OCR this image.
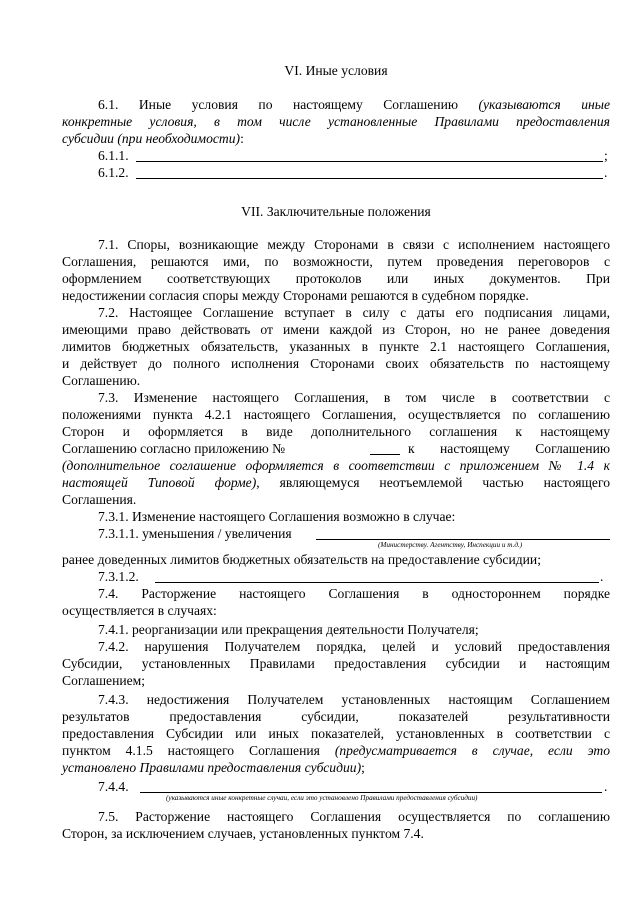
VI. Иные условия
6.1. Иные условия по настоящему Соглашению (указываются иные
конкретные условия, в том числе установленные Правилами предоставления
субсидии (при необходимости):
6.1.1.	;
6.1.2.	.
VII. Заключительные положения
7.1. Споры, возникающие между Сторонами в связи с исполнением настоящего
Соглашения, решаются ими, по возможности, путем проведения переговоров с
оформлением соответствующих протоколов или иных документов. При
недостижении согласия споры между Сторонами решаются в судебном порядке.
7.2. Настоящее Соглашение вступает в силу с даты его подписания лицами,
имеющими право действовать от имени каждой из Сторон, но не ранее доведения
лимитов бюджетных обязательств, указанных в пункте 2.1 настоящего Соглашения,
и действует до полного исполнения Сторонами своих обязательств по настоящему
Соглашению.
7.3. Изменение настоящего Соглашения, в том числе в соответствии с
положениями пункта 4.2.1 настоящего Соглашения, осуществляется по соглашению
Сторон и оформляется в виде дополнительного соглашения к настоящему
Соглашению согласно приложению №	к настоящему Соглашению
(дополнительное соглашение оформляется в соответствии с приложением № 1.4 к
настоящей Типовой форме), являющемуся неотъемлемой частью настоящего
Соглашения.
7.3.1. Изменение настоящего Соглашения возможно в случае:
7.3.1.1. уменьшения / увеличения
(Министерству. Агентству, Инспекции и т.д.)
ранее доведенных лимитов бюджетных обязательств на предоставление субсидии;
7.3.1.2.	.
7.4. Расторжение настоящего Соглашения в одностороннем порядке
осуществляется в случаях:
7.4.1. реорганизации или прекращения деятельности Получателя;
7.4.2. нарушения Получателем порядка, целей и условий предоставления
Субсидии, установленных Правилами предоставления субсидии и настоящим
Соглашением;
7.4.3. недостижения Получателем установленных настоящим Соглашением
результатов предоставления субсидии, показателей результативности
предоставления Субсидии или иных показателей, установленных в соответствии с
пунктом 4.1.5 настоящего Соглашения (предусматривается в случае, если это
установлено Правилами предоставления субсидии);
7.4.4.	.
(указываются иные конкретные случаи, если это установлено Правилами предоставления субсидии)
7.5. Расторжение настоящего Соглашения осуществляется по соглашению
Сторон, за исключением случаев, установленных пунктом 7.4.
